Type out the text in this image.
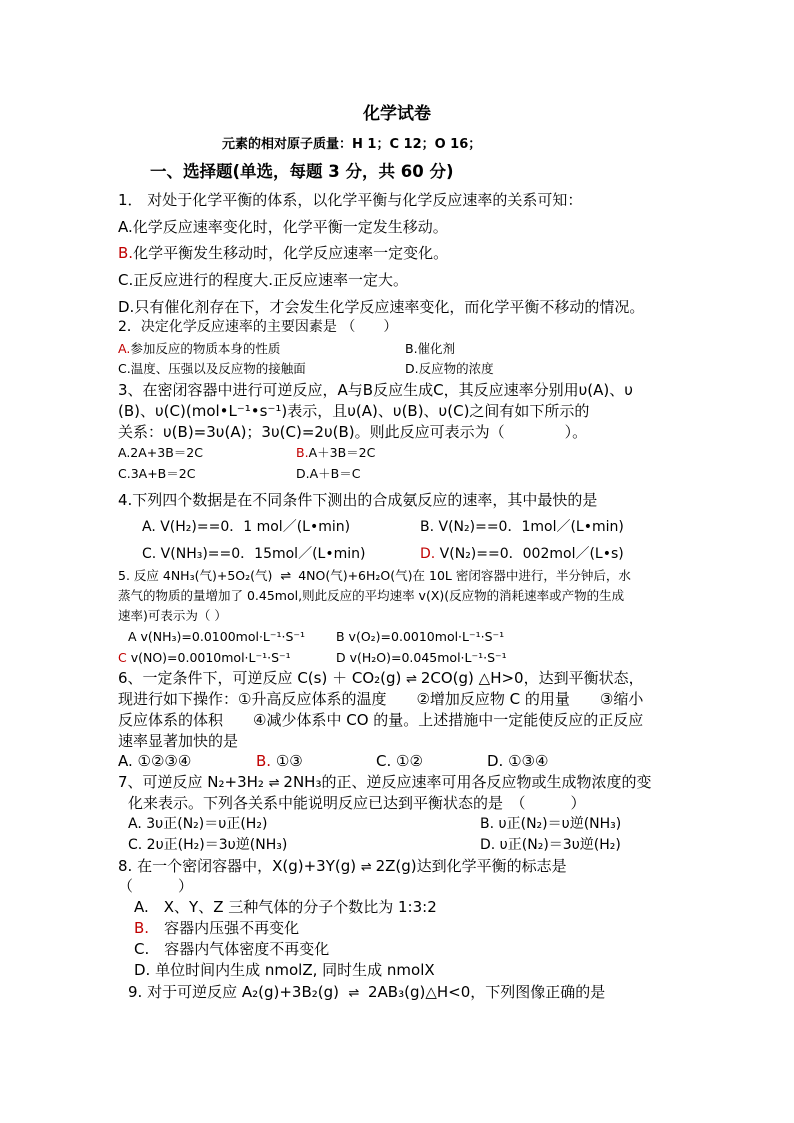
化学试卷
元素的相对原子质量：H 1；C 12；O 16；
一、选择题(单选，每题 3 分，共 60 分)
1． 对处于化学平衡的体系，以化学平衡与化学反应速率的关系可知：
A.化学反应速率变化时，化学平衡一定发生移动。
B.化学平衡发生移动时，化学反应速率一定变化。
C.正反应进行的程度大.正反应速率一定大。
D.只有催化剂存在下，才会发生化学反应速率变化，而化学平衡不移动的情况。
2．决定化学反应速率的主要因素是 （　　）
A.参加反应的物质本身的性质	B.催化剂
C.温度、压强以及反应物的接触面	D.反应物的浓度
3、在密闭容器中进行可逆反应，A与B反应生成C，其反应速率分别用υ(A)、υ
(B)、υ(C)(mol•L⁻¹•s⁻¹)表示，且υ(A)、υ(B)、υ(C)之间有如下所示的
关系：υ(B)=3υ(A)；3υ(C)=2υ(B)。则此反应可表示为（　　　　）。
A.2A+3B＝2C	B.A＋3B＝2C
C.3A+B＝2C	D.A＋B＝C
4.下列四个数据是在不同条件下测出的合成氨反应的速率，其中最快的是
A. V(H₂)==0．1 mol／(L•min)	B. V(N₂)==0．1mol／(L•min)
C. V(NH₃)==0．15mol／(L•min)	D. V(N₂)==0．002mol／(L•s)
5. 反应 4NH₃(气)+5O₂(气) ⇌ 4NO(气)+6H₂O(气)在 10L 密闭容器中进行，半分钟后，水
蒸气的物质的量增加了 0.45mol,则此反应的平均速率 v(X)(反应物的消耗速率或产物的生成
速率)可表示为（ ）
A v(NH₃)=0.0100mol·L⁻¹·S⁻¹ B v(O₂)=0.0010mol·L⁻¹·S⁻¹
C v(NO)=0.0010mol·L⁻¹·S⁻¹	D v(H₂O)=0.045mol·L⁻¹·S⁻¹
6、一定条件下，可逆反应 C(s) ＋ CO₂(g) ⇌ 2CO(g) △H>0，达到平衡状态，
现进行如下操作：①升高反应体系的温度　　②增加反应物 C 的用量　　③缩小
反应体系的体积　　④减少体系中 CO 的量。上述措施中一定能使反应的正反应
速率显著加快的是
A. ①②③④	B. ①③	C. ①②	D. ①③④
7、可逆反应 N₂+3H₂ ⇌ 2NH₃的正、逆反应速率可用各反应物或生成物浓度的变
化来表示。下列各关系中能说明反应已达到平衡状态的是　（　　　）
A. 3υ正(N₂)＝υ正(H₂)	B. υ正(N₂)＝υ逆(NH₃)
C. 2υ正(H₂)＝3υ逆(NH₃)	D. υ正(N₂)＝3υ逆(H₂)
8. 在一个密闭容器中，X(g)+3Y(g) ⇌ 2Z(g)达到化学平衡的标志是
（　　　）
A.　X、Y、Z 三种气体的分子个数比为 1:3:2
B.　容器内压强不再变化
C.　容器内气体密度不再变化
D. 单位时间内生成 nmolZ, 同时生成 nmolX
9. 对于可逆反应 A₂(g)+3B₂(g) ⇌ 2AB₃(g)△H<0，下列图像正确的是
